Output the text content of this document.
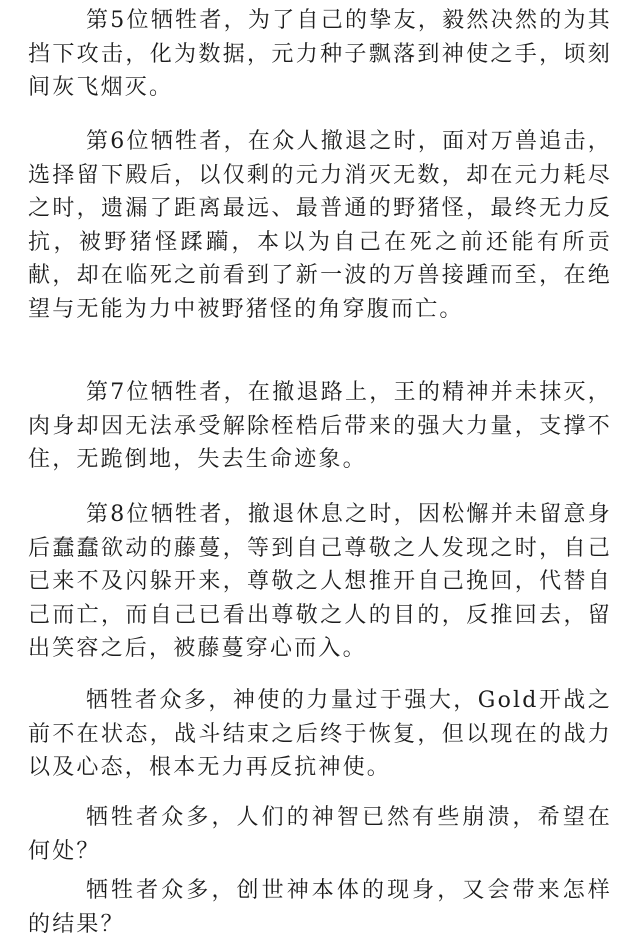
第5位牺牲者，为了自己的挚友，毅然决然的为其挡下攻击，化为数据，元力种子飘落到神使之手，顷刻间灰飞烟灭。

第6位牺牲者，在众人撤退之时，面对万兽追击，选择留下殿后，以仅剩的元力消灭无数，却在元力耗尽之时，遗漏了距离最远、最普通的野猪怪，最终无力反抗，被野猪怪蹂躏，本以为自己在死之前还能有所贡献，却在临死之前看到了新一波的万兽接踵而至，在绝望与无能为力中被野猪怪的角穿腹而亡。

第7位牺牲者，在撤退路上，王的精神并未抹灭，肉身却因无法承受解除桎梏后带来的强大力量，支撑不住，无跪倒地，失去生命迹象。

第8位牺牲者，撤退休息之时，因松懈并未留意身后蠢蠢欲动的藤蔓，等到自己尊敬之人发现之时，自己已来不及闪躲开来，尊敬之人想推开自己挽回，代替自己而亡，而自己已看出尊敬之人的目的，反推回去，留出笑容之后，被藤蔓穿心而入。

牺牲者众多，神使的力量过于强大，Gold开战之前不在状态，战斗结束之后终于恢复，但以现在的战力以及心态，根本无力再反抗神使。

牺牲者众多，人们的神智已然有些崩溃，希望在何处？

牺牲者众多，创世神本体的现身，又会带来怎样的结果？
